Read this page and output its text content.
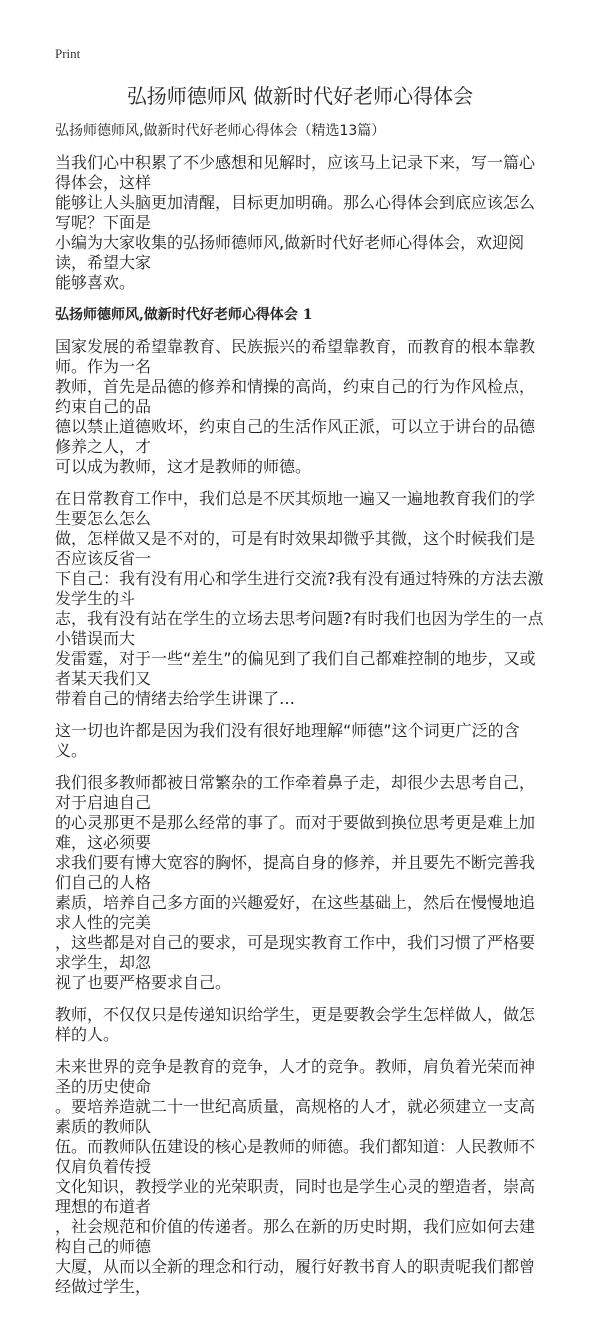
Print
弘扬师德师风 做新时代好老师心得体会
弘扬师德师风,做新时代好老师心得体会（精选13篇）
当我们心中积累了不少感想和见解时，应该马上记录下来，写一篇心得体会，这样
能够让人头脑更加清醒，目标更加明确。那么心得体会到底应该怎么写呢？下面是
小编为大家收集的弘扬师德师风,做新时代好老师心得体会，欢迎阅读，希望大家
能够喜欢。
弘扬师德师风,做新时代好老师心得体会 1
国家发展的希望靠教育、民族振兴的希望靠教育，而教育的根本靠教师。作为一名
教师，首先是品德的修养和情操的高尚，约束自己的行为作风检点，约束自己的品
德以禁止道德败坏，约束自己的生活作风正派，可以立于讲台的品德修养之人，才
可以成为教师，这才是教师的师德。
在日常教育工作中，我们总是不厌其烦地一遍又一遍地教育我们的学生要怎么怎么
做，怎样做又是不对的，可是有时效果却微乎其微，这个时候我们是否应该反省一
下自己：我有没有用心和学生进行交流?我有没有通过特殊的方法去激发学生的斗
志，我有没有站在学生的立场去思考问题?有时我们也因为学生的一点小错误而大
发雷霆，对于一些“差生”的偏见到了我们自己都难控制的地步，又或者某天我们又
带着自己的情绪去给学生讲课了…
这一切也许都是因为我们没有很好地理解“师德”这个词更广泛的含义。
我们很多教师都被日常繁杂的工作牵着鼻子走，却很少去思考自己，对于启迪自己
的心灵那更不是那么经常的事了。而对于要做到换位思考更是难上加难，这必须要
求我们要有博大宽容的胸怀，提高自身的修养，并且要先不断完善我们自己的人格
素质，培养自己多方面的兴趣爱好，在这些基础上，然后在慢慢地追求人性的完美
，这些都是对自己的要求，可是现实教育工作中，我们习惯了严格要求学生，却忽
视了也要严格要求自己。
教师，不仅仅只是传递知识给学生，更是要教会学生怎样做人，做怎样的人。
未来世界的竞争是教育的竞争，人才的竞争。教师，肩负着光荣而神圣的历史使命
。要培养造就二十一世纪高质量，高规格的人才，就必须建立一支高素质的教师队
伍。而教师队伍建设的核心是教师的师德。我们都知道：人民教师不仅肩负着传授
文化知识，教授学业的光荣职责，同时也是学生心灵的塑造者，崇高理想的布道者
，社会规范和价值的传递者。那么在新的历史时期，我们应如何去建构自己的师德
大厦，从而以全新的理念和行动，履行好教书育人的职责呢我们都曾经做过学生，
